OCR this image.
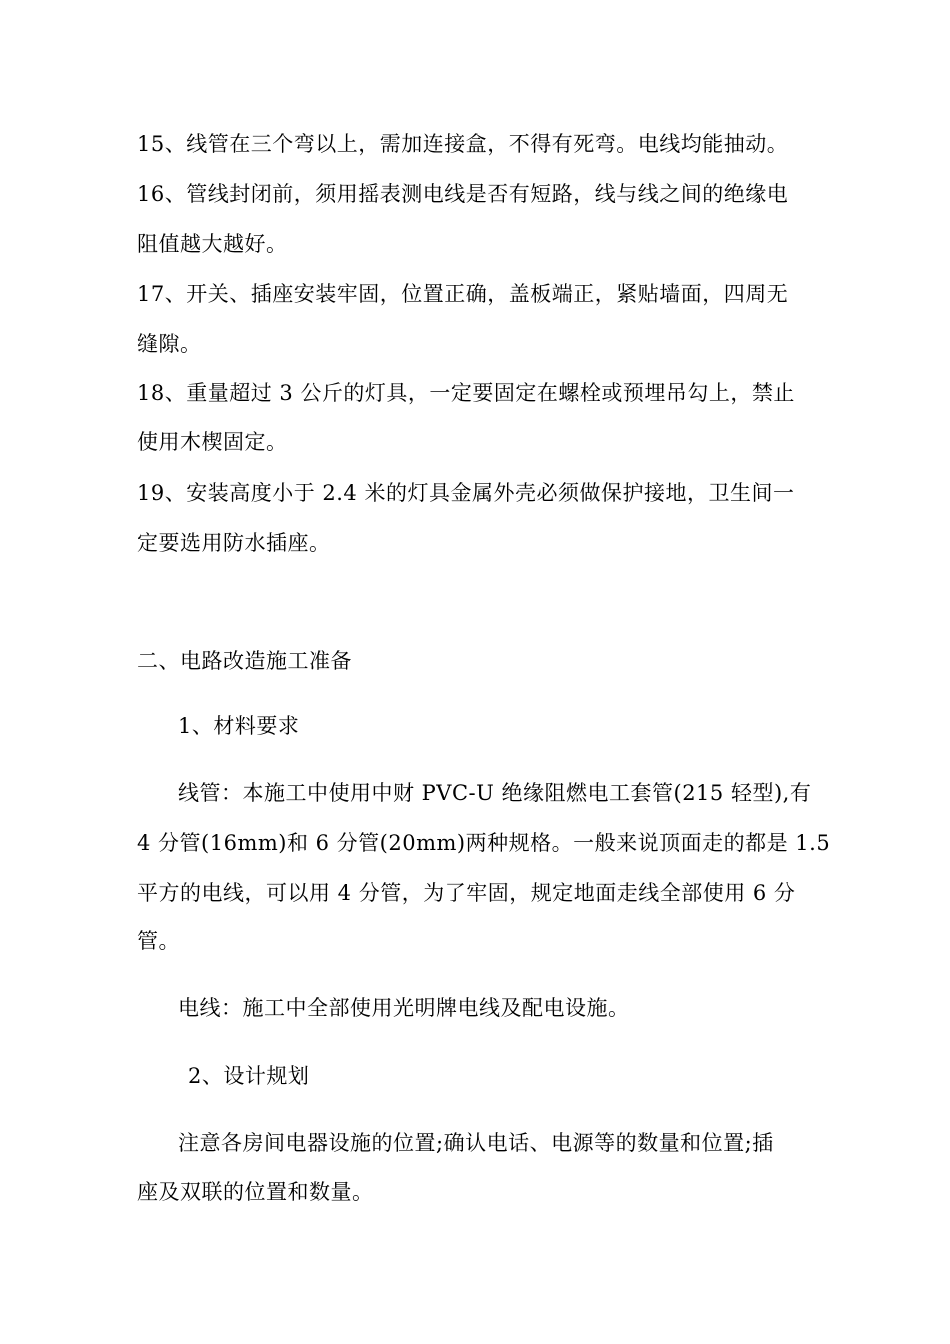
15、线管在三个弯以上，需加连接盒，不得有死弯。电线均能抽动。
16、管线封闭前，须用摇表测电线是否有短路，线与线之间的绝缘电
阻值越大越好。
17、开关、插座安装牢固，位置正确，盖板端正，紧贴墙面，四周无
缝隙。
18、重量超过 3 公斤的灯具，一定要固定在螺栓或预埋吊勾上，禁止
使用木楔固定。
19、安装高度小于 2.4 米的灯具金属外壳必须做保护接地，卫生间一
定要选用防水插座。
二、电路改造施工准备
1、材料要求
线管：本施工中使用中财 PVC-U 绝缘阻燃电工套管(215 轻型),有
4 分管(16mm)和 6 分管(20mm)两种规格。一般来说顶面走的都是 1.5
平方的电线，可以用 4 分管，为了牢固，规定地面走线全部使用 6 分
管。
电线：施工中全部使用光明牌电线及配电设施。
2、设计规划
注意各房间电器设施的位置;确认电话、电源等的数量和位置;插
座及双联的位置和数量。
